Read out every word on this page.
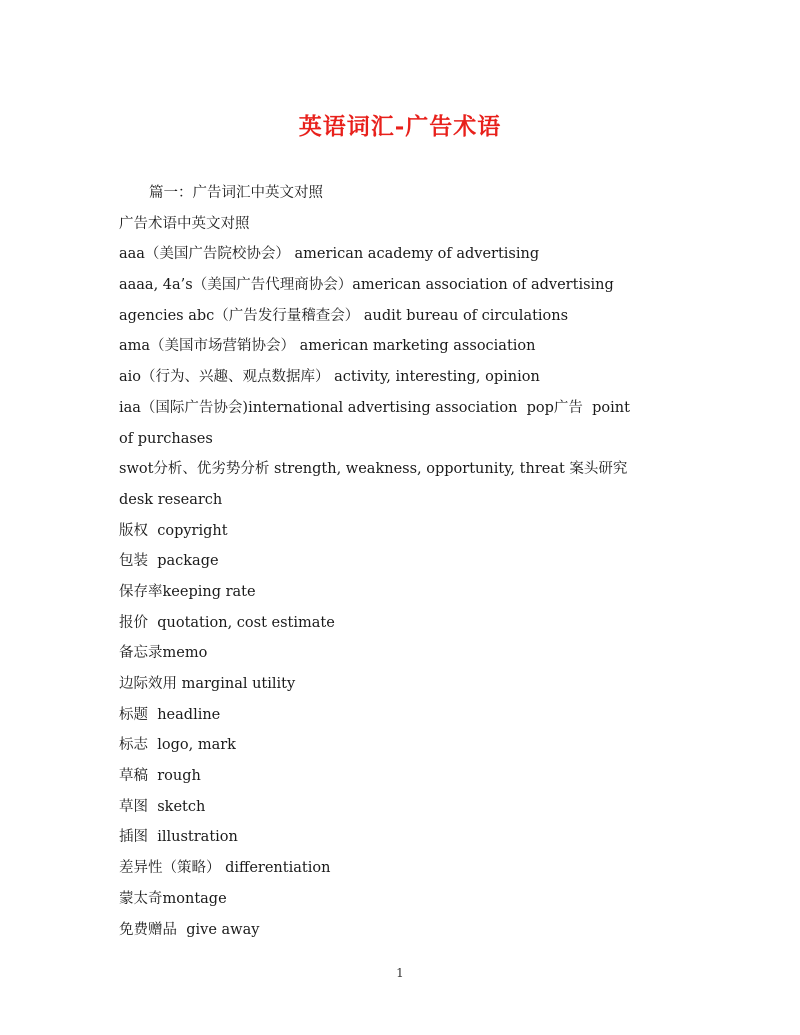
英语词汇-广告术语
篇一：广告词汇中英文对照
广告术语中英文对照
aaa（美国广告院校协会） american academy of advertising
aaaa, 4a’s（美国广告代理商协会）american association of advertising
agencies abc（广告发行量稽查会） audit bureau of circulations
ama（美国市场营销协会） american marketing association
aio（行为、兴趣、观点数据库） activity, interesting, opinion
iaa（国际广告协会)international advertising association  pop广告  point
of purchases
swot分析、优劣势分析 strength, weakness, opportunity, threat 案头研究
desk research
版权  copyright
包装  package
保存率keeping rate
报价  quotation, cost estimate
备忘录memo
边际效用 marginal utility
标题  headline
标志  logo, mark
草稿  rough
草图  sketch
插图  illustration
差异性（策略） differentiation
蒙太奇montage
免费赠品  give away
1
